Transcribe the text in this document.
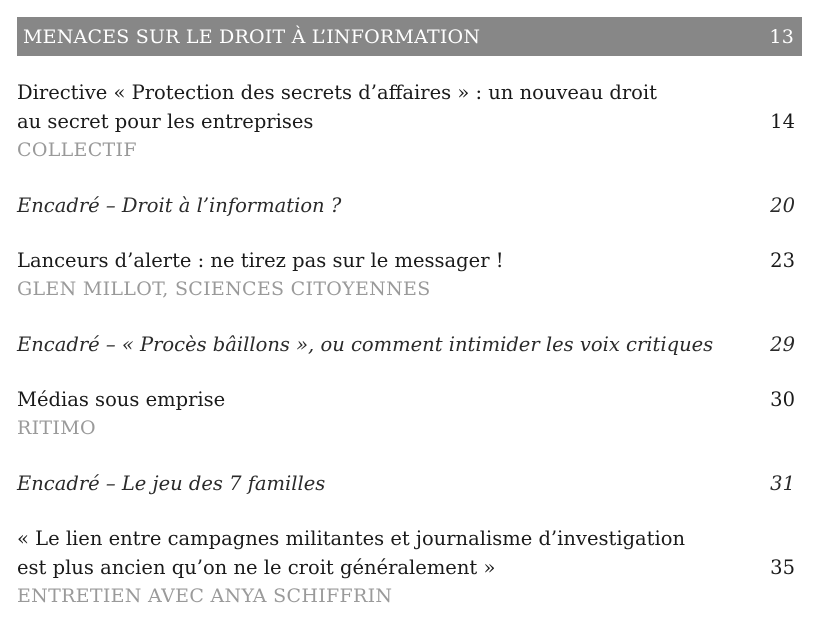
MENACES SUR LE DROIT À L’INFORMATION	13
Directive « Protection des secrets d’affaires » : un nouveau droit
au secret pour les entreprises	14
COLLECTIF
Encadré – Droit à l’information ?	20
Lanceurs d’alerte : ne tirez pas sur le messager !	23
GLEN MILLOT, SCIENCES CITOYENNES
Encadré – « Procès bâillons », ou comment intimider les voix critiques	29
Médias sous emprise	30
RITIMO
Encadré – Le jeu des 7 familles	31
« Le lien entre campagnes militantes et journalisme d’investigation
est plus ancien qu’on ne le croit généralement »	35
ENTRETIEN AVEC ANYA SCHIFFRIN
